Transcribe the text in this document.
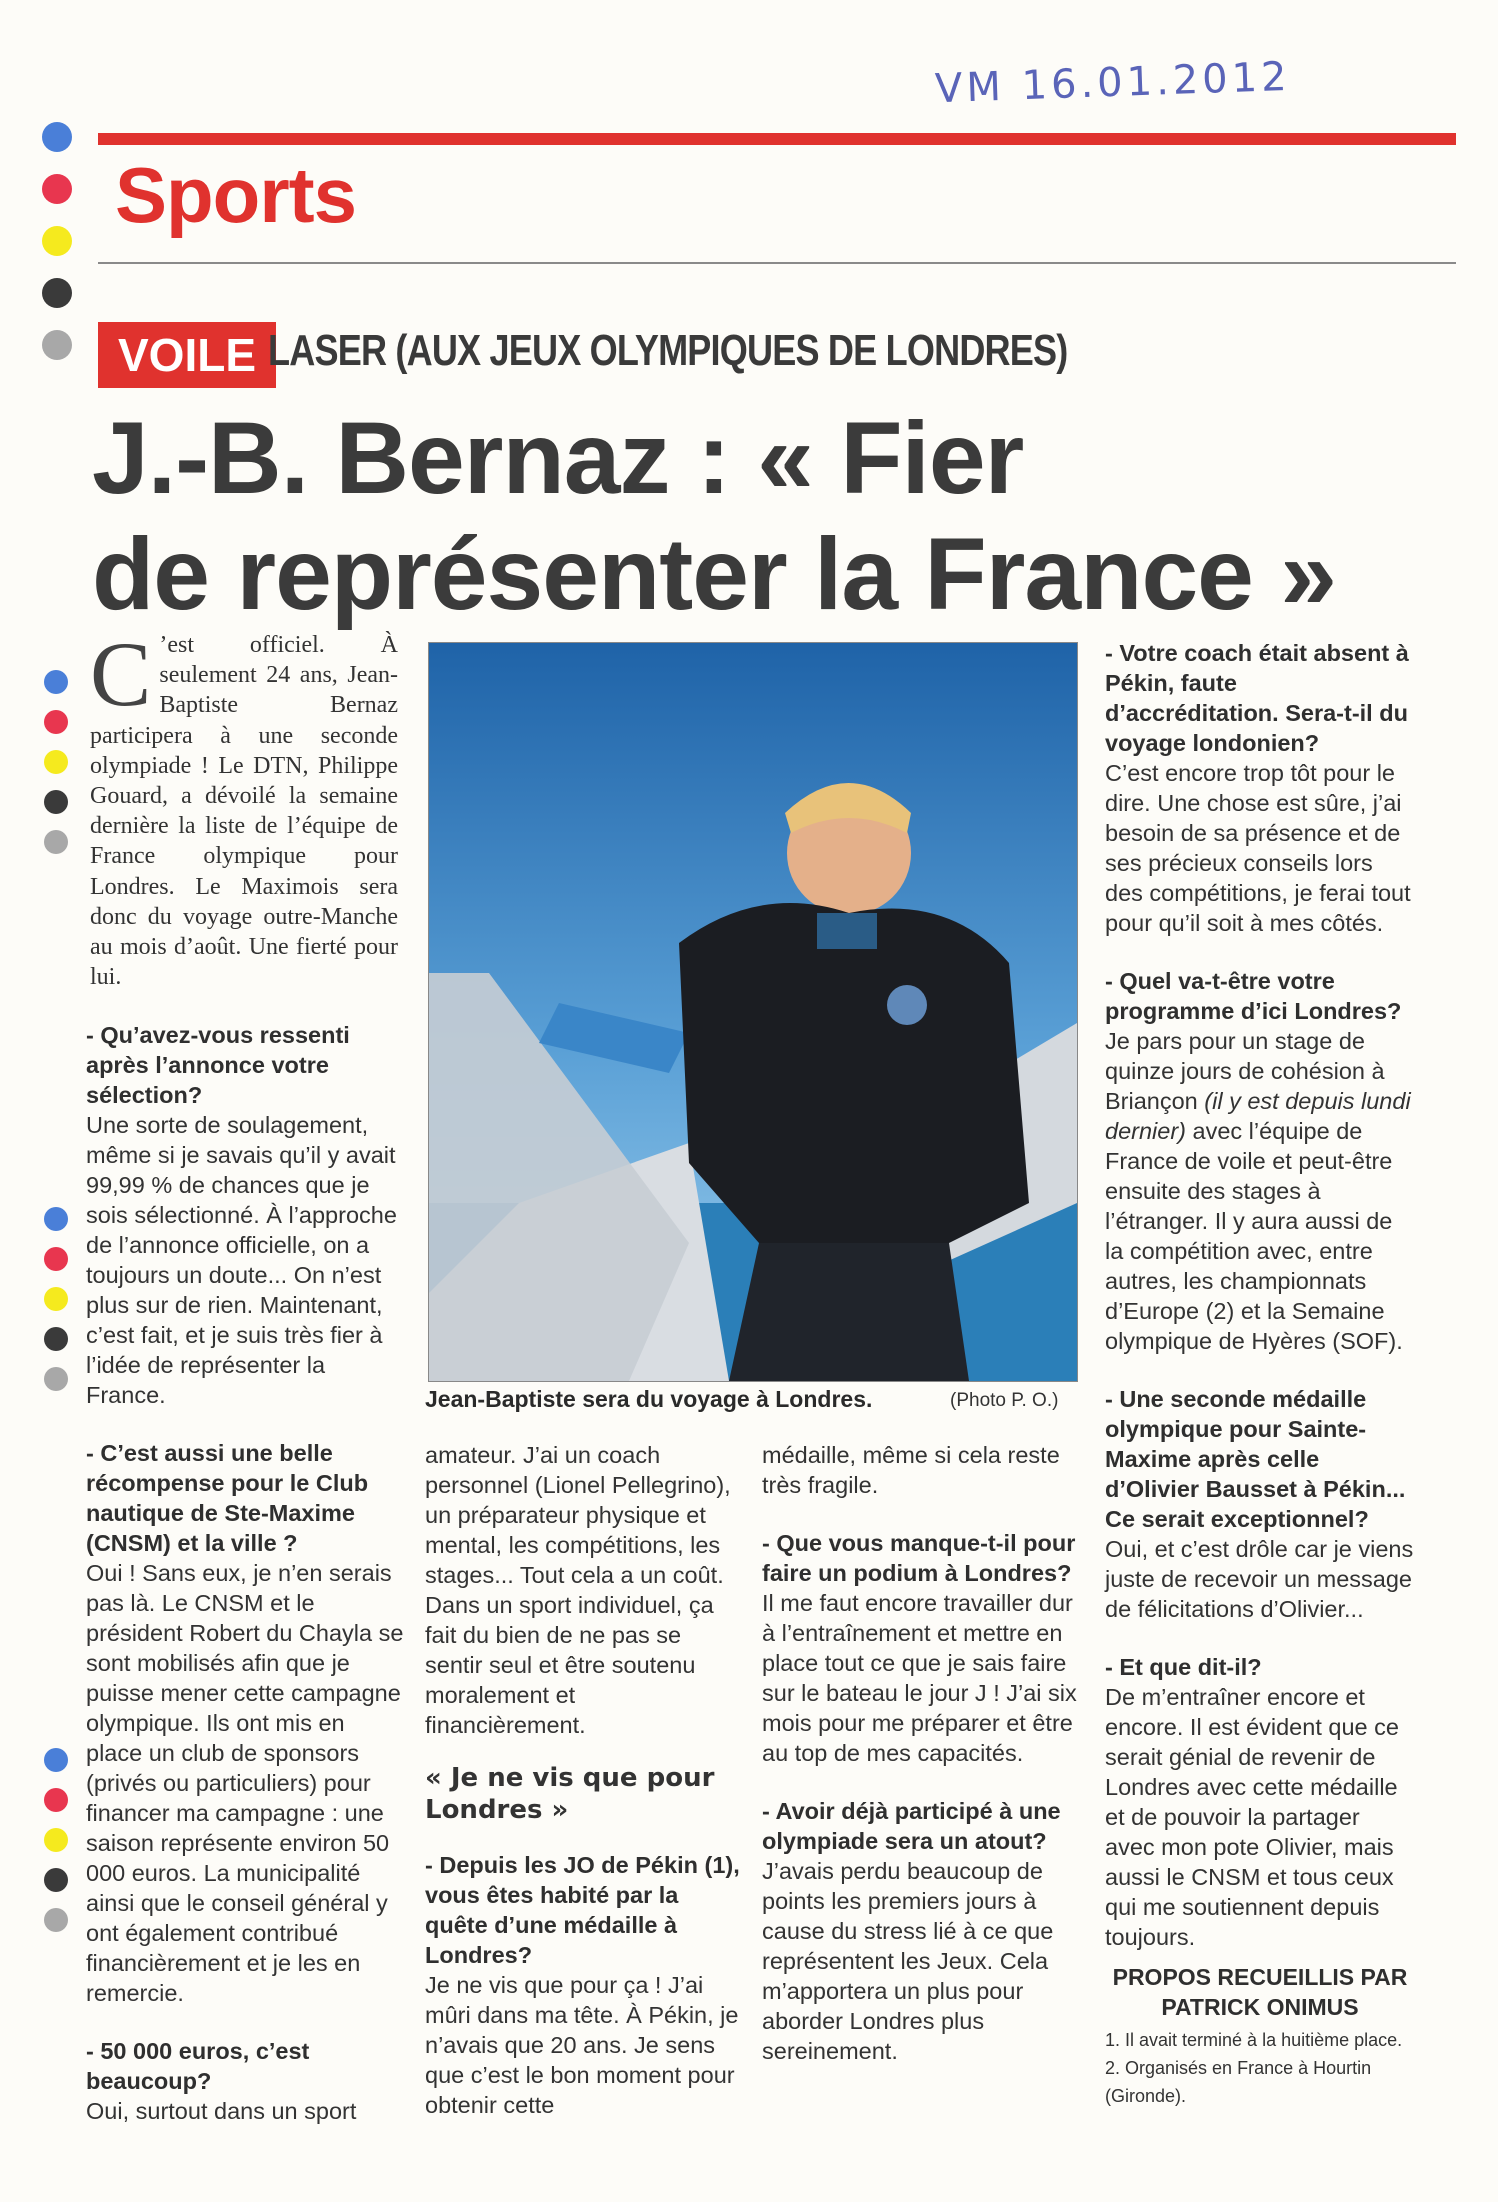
VM 16.01.2012
Sports
VOILE LASER (AUX JEUX OLYMPIQUES DE LONDRES)
J.-B. Bernaz : « Fier
de représenter la France »
C ’est officiel. À seulement 24 ans, Jean-Baptiste Bernaz participera à une seconde olympiade ! Le DTN, Philippe Gouard, a dévoilé la semaine dernière la liste de l’équipe de France olympique pour Londres. Le Maximois sera donc du voyage outre-Manche au mois d’août. Une fierté pour lui.
- Qu’avez-vous ressenti après l’annonce votre sélection?
Une sorte de soulagement, même si je savais qu’il y avait 99,99 % de chances que je sois sélectionné. À l’approche de l’annonce officielle, on a toujours un doute... On n’est plus sur de rien. Maintenant, c’est fait, et je suis très fier à l’idée de représenter la France.
- C’est aussi une belle récompense pour le Club nautique de Ste-Maxime (CNSM) et la ville ?
Oui ! Sans eux, je n’en serais pas là. Le CNSM et le président Robert du Chayla se sont mobilisés afin que je puisse mener cette campagne olympique. Ils ont mis en place un club de sponsors (privés ou particuliers) pour financer ma campagne : une saison représente environ 50 000 euros. La municipalité ainsi que le conseil général y ont également contribué financièrement et je les en remercie.
- 50 000 euros, c’est beaucoup?
Oui, surtout dans un sport
Jean-Baptiste sera du voyage à Londres.	(Photo P. O.)
amateur. J’ai un coach personnel (Lionel Pellegrino), un préparateur physique et mental, les compétitions, les stages... Tout cela a un coût. Dans un sport individuel, ça fait du bien de ne pas se sentir seul et être soutenu moralement et financièrement.
« Je ne vis que pour Londres »
- Depuis les JO de Pékin (1), vous êtes habité par la quête d’une médaille à Londres?
Je ne vis que pour ça ! J’ai mûri dans ma tête. À Pékin, je n’avais que 20 ans. Je sens que c’est le bon moment pour obtenir cette
médaille, même si cela reste très fragile.
- Que vous manque-t-il pour faire un podium à Londres?
Il me faut encore travailler dur à l’entraînement et mettre en place tout ce que je sais faire sur le bateau le jour J ! J’ai six mois pour me préparer et être au top de mes capacités.
- Avoir déjà participé à une olympiade sera un atout?
J’avais perdu beaucoup de points les premiers jours à cause du stress lié à ce que représentent les Jeux. Cela m’apportera un plus pour aborder Londres plus sereinement.
- Votre coach était absent à Pékin, faute d’accréditation. Sera-t-il du voyage londonien?
C’est encore trop tôt pour le dire. Une chose est sûre, j’ai besoin de sa présence et de ses précieux conseils lors des compétitions, je ferai tout pour qu’il soit à mes côtés.
- Quel va-t-être votre programme d’ici Londres?
Je pars pour un stage de quinze jours de cohésion à Briançon (il y est depuis lundi dernier) avec l’équipe de France de voile et peut-être ensuite des stages à l’étranger. Il y aura aussi de la compétition avec, entre autres, les championnats d’Europe (2) et la Semaine olympique de Hyères (SOF).
- Une seconde médaille olympique pour Sainte-Maxime après celle d’Olivier Bausset à Pékin... Ce serait exceptionnel?
Oui, et c’est drôle car je viens juste de recevoir un message de félicitations d’Olivier...
- Et que dit-il?
De m’entraîner encore et encore. Il est évident que ce serait génial de revenir de Londres avec cette médaille et de pouvoir la partager avec mon pote Olivier, mais aussi le CNSM et tous ceux qui me soutiennent depuis toujours.
PROPOS RECUEILLIS PAR
PATRICK ONIMUS
1. Il avait terminé à la huitième place.
2. Organisés en France à Hourtin (Gironde).
